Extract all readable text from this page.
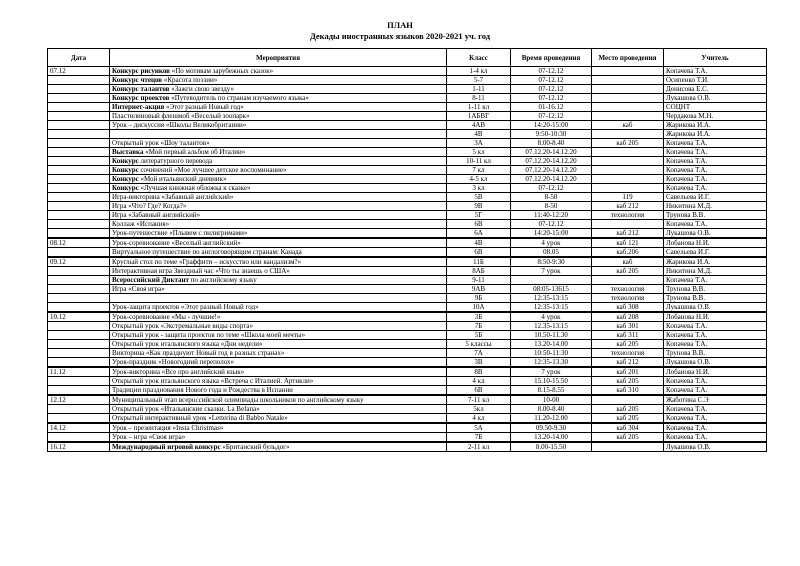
ПЛАН
Декады иностранных языков 2020-2021 уч. год
Дата	Мероприятия	Класс	Время проведения	Место проведения	Учитель
07.12	Конкурс рисунков «По мотивам зарубежных сказок»	1-4 кл	07-12.12		Копачева Т.А.
	Конкурс чтецов «Красота поэзии»	5-7	07-12.12		Осипенко Т.И.
	Конкурс талантов «Зажги свою звезду»	1-11	07-12.12		Денисова Е.С.
	Конкурс проектов «Путеводитель по странам изучаемого языка»	8-11	07-12.12		Лукашова О.В.
	Интернет-акция «Этот разный Новый год»	1-11 кл	01-16.12		СОЦНТ
	Пластилиновый флешмоб «Веселый зоопарк»	1АБВГ	07-12.12		Чердакова М.Н.
	Урок – дискуссия «Школы Великобритании»	4АВ	14:20-15:00	каб	Жарикова И.А.
		4В	9:50-10:30		Жарикова И.А.
	Открытый урок «Шоу талантов»	3А	8.00-8.40	каб 205	Копачева Т.А.
	Выставка «Мой первый альбом об Италии»	5 кл	07.12.20-14.12.20		Копачева Т.А.
	Конкурс литературного перевода	10-11 кл	07.12.20-14.12.20		Копачева Т.А.
	Конкурс сочинений «Мое лучшее детское воспоминание»	7 кл	07.12.20-14.12.20		Копачева Т.А.
	Конкурс «Мой итальянский дневник»	4-5 кл	07.12.20-14.12.20		Копачева Т.А.
	Конкурс «Лучшая книжная обложка к сказке»	3 кл	07-12.12		Копачева Т.А.
	Игра-викторина «Забавный английский»	5В	8-50	119	Савельева И.Г.
	Игра «Что? Где? Когда?»	9В	8-50	каб 212	Никитина М.Д.
	Игра «Забавный английский»	5Г	11:40-12:20	технология	Трунова В.В.
	Коллаж «Испания»	6В	07-12.12		Копачева Т.А.
	Урок-путешествие «Плывем с пилигримами»	6А	14:20-15:00	каб 212	Лукашова О.В.
08.12	Урок-соревнование «Веселый английский»	4В	4 урок	каб 121	Лобанова Н.И.
	Виртуальное путешествие по англоговорящим странам: Канада	6В	08.05	каб.206	Савельева И.Г.
09.12	Круглый стол по теме «Граффити – искусство или вандализм?»	11Б	8:50-9:30	каб	Жарикова И.А.
	Интерактивная игра Звездный час «Что ты знаешь о США»	8АБ	7 урок	каб 205	Никитина М.Д.
	Всероссийский Диктант по английскому языку	9-11			Копачева Т.А.
	Игра «Своя игра»	9АВ	08:05-13615	технология	Трунова В.В.
		9Б	12:35-13:15	технология	Трунова В.В.
	Урок-защита проектов «Этот разный Новый год»	10А	12:35-13:15	каб 308	Лукашова О.В.
10.12	Урок-соревнование «Мы - лучшие!»	3Б	4 урок	каб 208	Лобанова Н.И.
	Открытый урок «Экстремальные виды спорта»	7Б	12.35-13.15	каб 301	Копачева Т.А.
	Открытый урок - защита проектов по теме «Школа моей мечты»	5Б	10.50-11.30	каб 311	Копачева Т.А.
	Открытый урок итальянского языка «Дни недели»	5 классы	13.20-14.00	каб 205	Копачева Т.А.
	Викторина «Как празднуют Новый год в разных странах»	7А	10:50-11:30	технология	Трунова В.В.
	Урок-праздник «Новогодний переполох»	3В	12:35-13.30	каб 212	Лукашова О.В.
11.12	Урок-викторина «Все про английский язык»	8В	7 урок	каб 201	Лобанова Н.И.
	Открытый урок итальянского языка «Встреча с Италией. Артикли»	4 кл	15.10-15.50	каб 205	Копачева Т.А.
	Традиции празднования Нового года и Рождества в Испании	6В	8.15-8.55	каб 310	Копачева Т.А.
12.12	Муниципальный этап всероссийской олимпиады школьников по английскому языку	7-11 кл	10-00		Жаботина С.Э
	Открытый урок «Итальянские сказки. La Befana»	5кл	8.00-8.40	каб 205	Копачева Т.А.
	Открытый интерактивный урок «Letterina di Babbo Natale»	4 кл	11.20-12.00	каб 205	Копачева Т.А.
14.12	Урок – презентация «Insta Christmas»	5А	09.50-9.30	каб 304	Копачева Т.А.
	Урок – игра «Своя игра»	7Б	13.20-14.00	каб 205	Копачева Т.А.
16.12	Международный игровой конкурс «Британский бульдог»	2-11 кл	8.00-15.50		Лукашова О.В.
